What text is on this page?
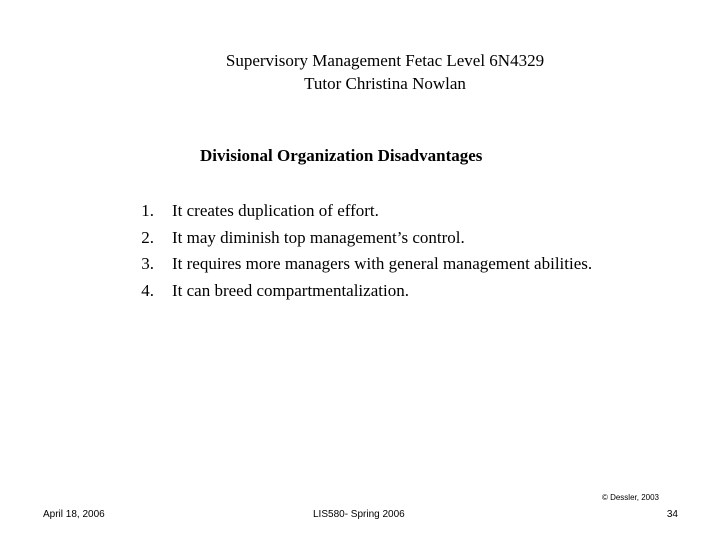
Supervisory Management Fetac Level 6N4329
Tutor Christina Nowlan
Divisional Organization Disadvantages
1. It creates duplication of effort.
2. It may diminish top management’s control.
3. It requires more managers with general management abilities.
4. It can breed compartmentalization.
© Dessler, 2003
April 18, 2006	LIS580- Spring 2006	34
